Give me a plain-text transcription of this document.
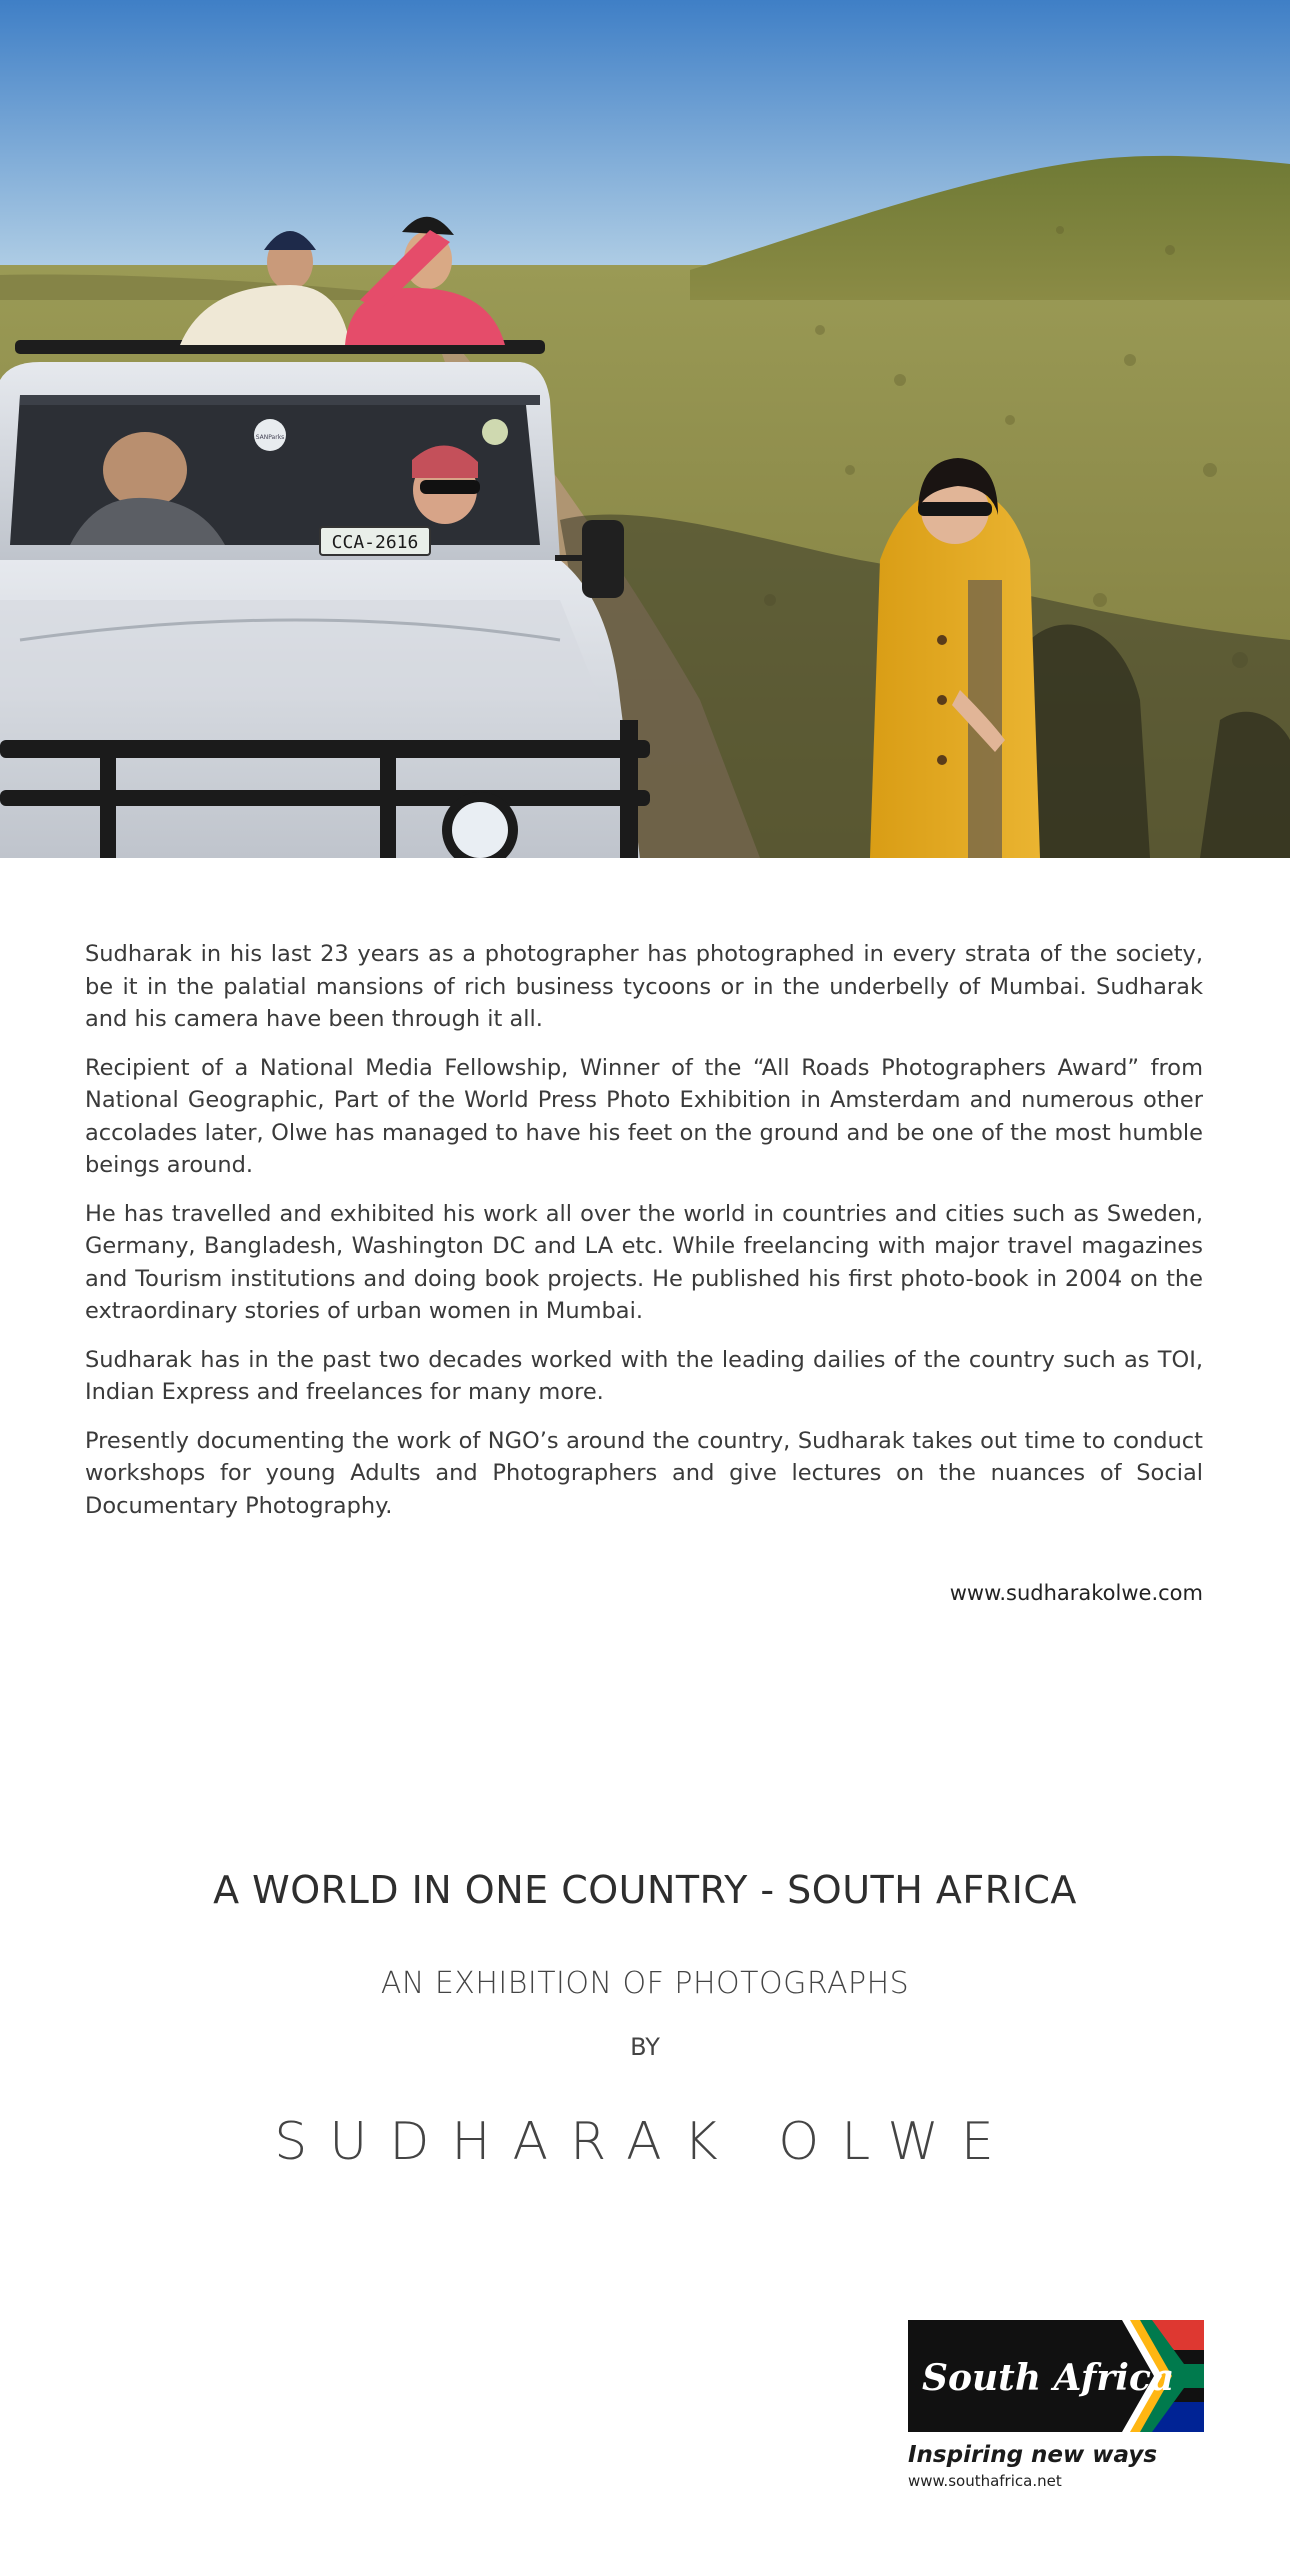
SANParks
CCA-2616

Sudharak in his last 23 years as a photographer has photographed in every strata of the society, be it in the palatial mansions of rich business tycoons or in the underbelly of Mumbai. Sudharak and his camera have been through it all.

Recipient of a National Media Fellowship, Winner of the “All Roads Photographers Award” from National Geographic, Part of the World Press Photo Exhibition in Amsterdam and numerous other accolades later, Olwe has managed to have his feet on the ground and be one of the most humble beings around.

He has travelled and exhibited his work all over the world in countries and cities such as Sweden, Germany, Bangladesh, Washington DC and LA etc. While freelancing with major travel magazines and Tourism institutions and doing book projects. He published his first photo-book in 2004 on the extraordinary stories of urban women in Mumbai.

Sudharak has in the past two decades worked with the leading dailies of the country such as TOI, Indian Express and freelances for many more.

Presently documenting the work of NGO’s around the country, Sudharak takes out time to conduct workshops for young Adults and Photographers and give lectures on the nuances of Social Documentary Photography.

www.sudharakolwe.com
A WORLD IN ONE COUNTRY - SOUTH AFRICA
AN EXHIBITION OF PHOTOGRAPHS
BY
SUDHARAK OLWE
South Africa
Inspiring new ways
www.southafrica.net
